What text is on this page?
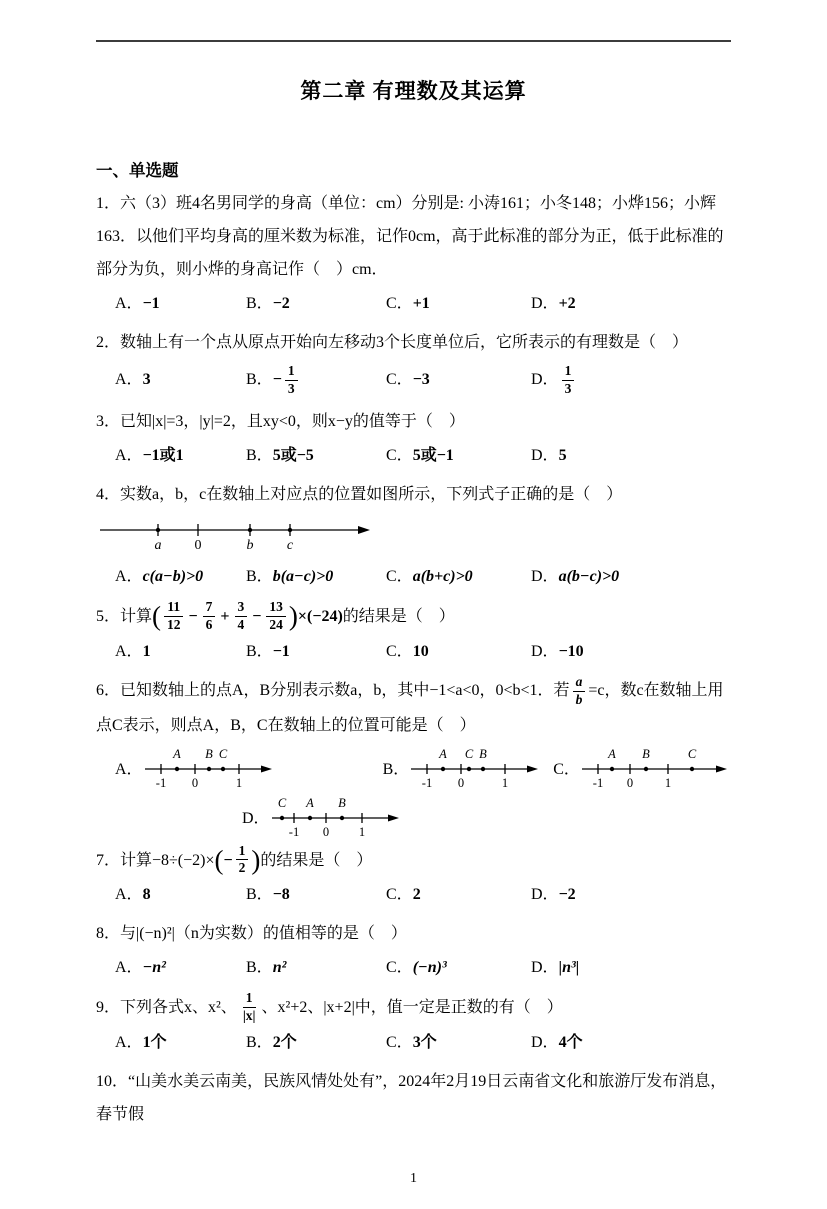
第二章 有理数及其运算
一、单选题

1．六（3）班4名男同学的身高（单位：cm）分别是: 小涛161；小冬148；小烨156；小辉163．以他们平均身高的厘米数为标准，记作0cm，高于此标准的部分为正，低于此标准的部分为负，则小烨的身高记作（　）cm．

A． −1	B． −2	C． +1	D． +2

2．数轴上有一个点从原点开始向左移动3个长度单位后，它所表示的有理数是（　）

A． 3	B． − $\frac{1}{3}$	C． −3	D． $\frac{1}{3}$

3．已知|x|=3，|y|=2，且xy<0，则x−y的值等于（　）

A． −1或1	B． 5或−5	C． 5或−1	D． 5

4．实数a，b，c在数轴上对应点的位置如图所示，下列式子正确的是（　）

a 0	b c
A． c(a−b)>0	B． b(a−c)>0	C． a(b+c)>0	D． a(b−c)>0

5．计算( $\frac{11}{12} - \frac{7}{6} + \frac{3}{4} - \frac{13}{24} )\times(-24)$的结果是（　）

A． 1	B． −1	C． 10	D． −10

6．已知数轴上的点A，B分别表示数a，b，其中−1<a<0，0<b<1．若 $\frac{a}{b} =c$，数c在数轴上用点C表示，则点A，B，C在数轴上的位置可能是（　）

A．
A B C
-1 0	1
B．
A C B
-1 0	1
C．
A B	C
-1 0	1
D．
C A B
-1 0 1

7．计算$-8\div(-2)\times(- \frac{1}{2}$ )的结果是（　）

A． 8	B． −8	C． 2	D． −2

8．与|(−n)²|（n为实数）的值相等的是（　）

A． −n²	B． n²	C． (−n)³	D． |n³|

9．下列各式x、x²、 $\frac{1}{|x|}$ 、x²+2、|x+2|中，值一定是正数的有（　）

A． 1个	B． 2个	C． 3个	D． 4个

10．“山美水美云南美，民族风情处处有”，2024年2月19日云南省文化和旅游厅发布消息，春节假

1
